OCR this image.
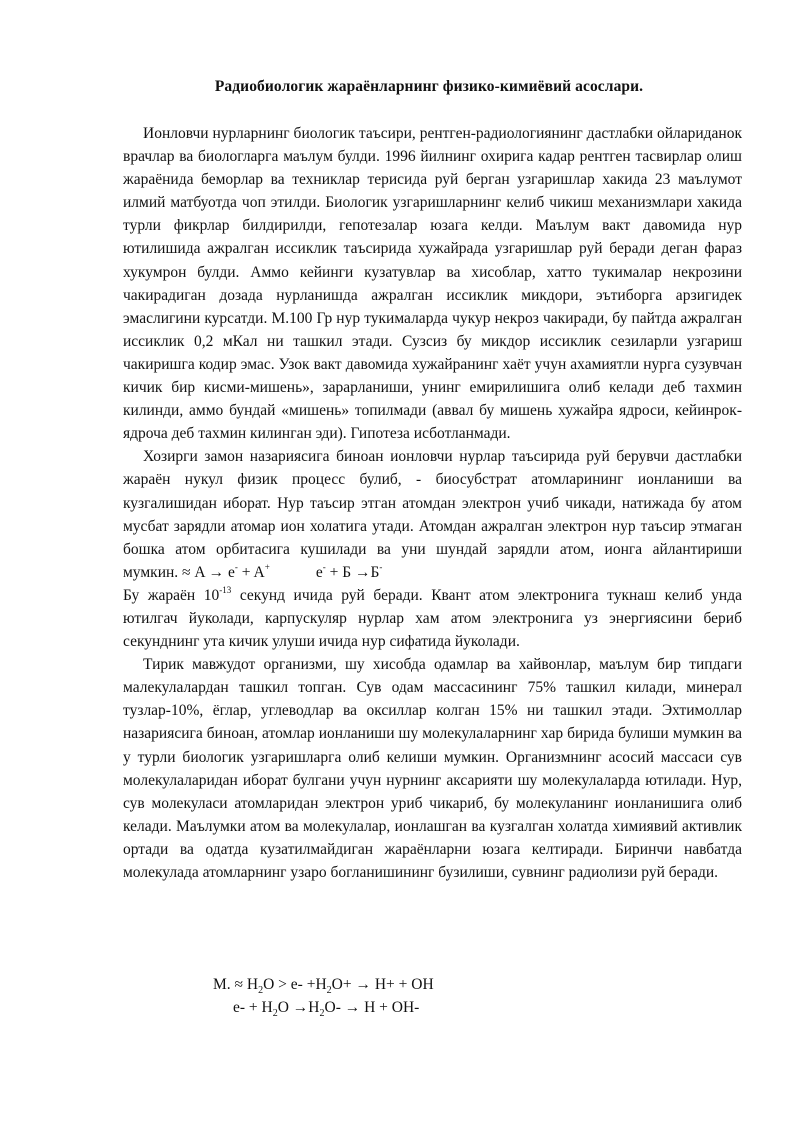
Радиобиологик жараёнларнинг физико-кимиёвий асослари.

Ионловчи нурларнинг биологик таъсири, рентген-радиологиянинг дастлабки ойлариданок врачлар ва биологларга маълум булди. 1996 йилнинг охирига кадар рентген тасвирлар олиш жараёнида беморлар ва техниклар терисида руй берган узгаришлар хакида 23 маълумот илмий матбуотда чоп этилди. Биологик узгаришларнинг келиб чикиш механизмлари хакида турли фикрлар билдирилди, гепотезалар юзага келди. Маълум вакт давомида нур ютилишида ажралган иссиклик таъсирида хужайрада узгаришлар руй беради деган фараз хукумрон булди. Аммо кейинги кузатувлар ва хисоблар, хатто тукималар некрозини чакирадиган дозада нурланишда ажралган иссиклик микдори, эътиборга арзигидек эмаслигини курсатди. М.100 Гр нур тукималарда чукур некроз чакиради, бу пайтда ажралган иссиклик 0,2 мКал ни ташкил этади. Сузсиз бу микдор иссиклик сезиларли узгариш чакиришга кодир эмас. Узок вакт давомида хужайранинг хаёт учун ахамиятли нурга сузувчан кичик бир кисми-мишень», зарарланиши, унинг емирилишига олиб келади деб тахмин килинди, аммо бундай «мишень» топилмади (аввал бу мишень хужайра ядроси, кейинрок-ядроча деб тахмин килинган эди). Гипотеза исботланмади.

Хозирги замон назариясига биноан ионловчи нурлар таъсирида руй берувчи дастлабки жараён нукул физик процесс булиб, - биосубстрат атомларининг ионланиши ва кузгалишидан иборат. Нур таъсир этган атомдан электрон учиб чикади, натижада бу атом мусбат зарядли атомар ион холатига утади. Атомдан ажралган электрон нур таъсир этмаган бошка атом орбитасига кушилади ва уни шундай зарядли атом, ионга айлантириши мумкин. ≈ A → e- + A+	e- + Б →Б-
Бу жараён $10^{-13}$ секунд ичида руй беради. Квант атом электронига тукнаш келиб унда ютилгач йуколади, карпускуляр нурлар хам атом электронига уз энергиясини бериб секунднинг ута кичик улуши ичида нур сифатида йуколади.

Тирик мавжудот организми, шу хисобда одамлар ва хайвонлар, маълум бир типдаги малекулалардан ташкил топган. Сув одам массасининг 75% ташкил килади, минерал тузлар-10%, ёглар, углеводлар ва оксиллар колган 15% ни ташкил этади. Эхтимоллар назариясига биноан, атомлар ионланиши шу молекулаларнинг хар бирида булиши мумкин ва у турли биологик узгаришларга олиб келиши мумкин. Организмнинг асосий массаси сув молекулаларидан иборат булгани учун нурнинг аксарияти шу молекулаларда ютилади. Нур, сув молекуласи атомларидан электрон уриб чикариб, бу молекуланинг ионланишига олиб келади. Маълумки атом ва молекулалар, ионлашган ва кузгалган холатда химиявий активлик ортади ва одатда кузатилмайдиган жараёнларни юзага келтиради. Биринчи навбатда молекулада атомларнинг узаро богланишининг бузилиши, сувнинг радиолизи руй беради.

М. ≈ $Н_2О > e- +Н_2О+ \to Н+$ + ОН
$e- + Н_2О \to Н_2О- \to Н + ОН-$
